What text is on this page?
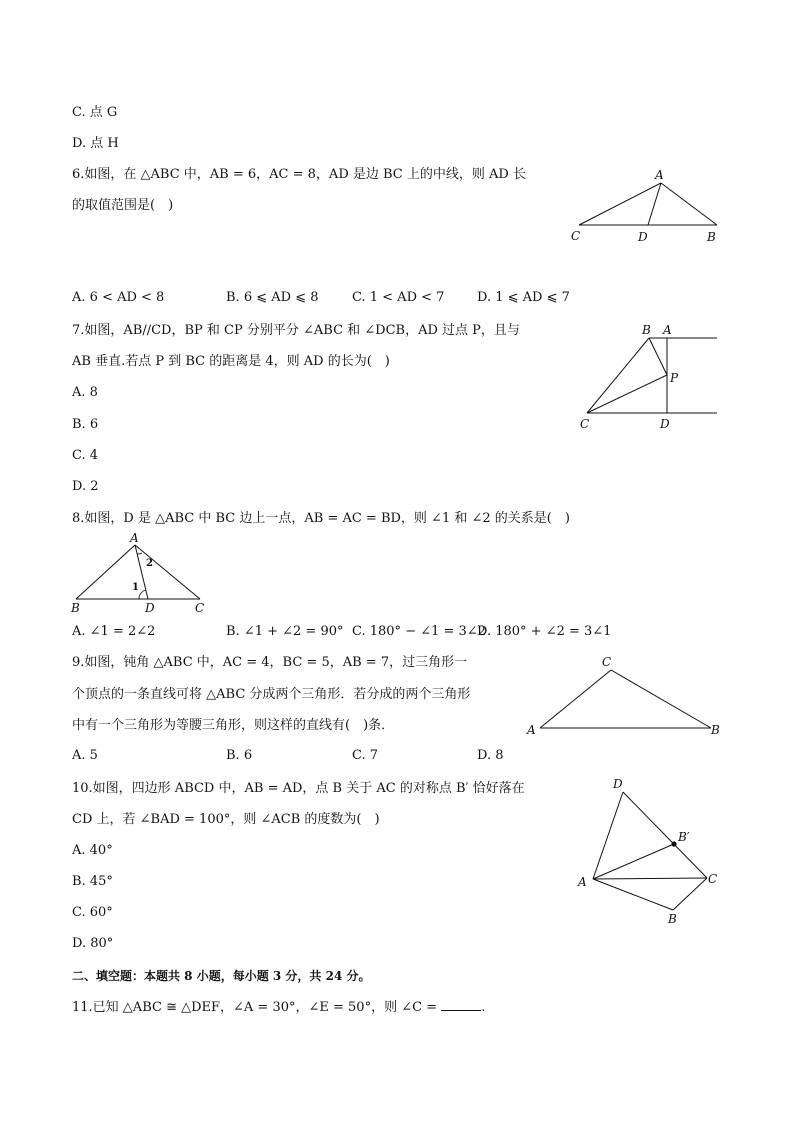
C. 点 G
D. 点 H
6.如图，在 △ABC 中，AB = 6，AC = 8，AD 是边 BC 上的中线，则 AD 长
的取值范围是(　)
A
C	D	B
A. 6 < AD < 8	B. 6 ⩽ AD ⩽ 8	C. 1 < AD < 7	D. 1 ⩽ AD ⩽ 7
7.如图，AB//CD，BP 和 CP 分别平分 ∠ABC 和 ∠DCB，AD 过点 P，且与
AB 垂直.若点 P 到 BC 的距离是 4，则 AD 的长为(　)
A. 8
B. 6
C. 4
D. 2
B A
P
C	D
8.如图，D 是 △ABC 中 BC 边上一点，AB = AC = BD，则 ∠1 和 ∠2 的关系是(　)
A
B	D	C
1
2
A. ∠1 = 2∠2	B. ∠1 + ∠2 = 90° C. 180° − ∠1 = 3∠2
D. 180° + ∠2 = 3∠1
9.如图，钝角 △ABC 中，AC = 4，BC = 5，AB = 7，过三角形一
个顶点的一条直线可将 △ABC 分成两个三角形．若分成的两个三角形
中有一个三角形为等腰三角形，则这样的直线有(　)条．
C
A	B
A. 5	B. 6	C. 7	D. 8
10.如图，四边形 ABCD 中，AB = AD，点 B 关于 AC 的对称点 B′ 恰好落在
CD 上，若 ∠BAD = 100°，则 ∠ACB 的度数为(　)
A. 40°
B. 45°
C. 60°
D. 80°
D
B′
A	C
B
二、填空题：本题共 8 小题，每小题 3 分，共 24 分。
11.已知 △ABC ≅ △DEF，∠A = 30°，∠E = 50°，则 ∠C =	.
